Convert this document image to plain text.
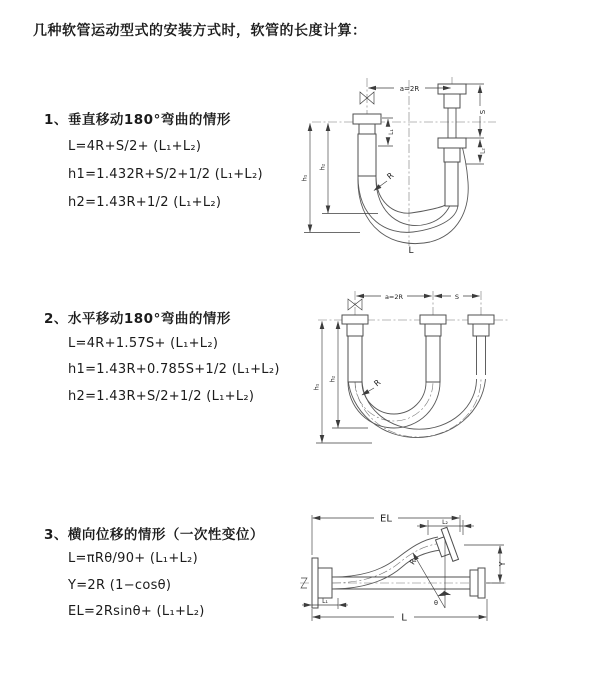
几种软管运动型式的安装方式时，软管的长度计算：
1、垂直移动180°弯曲的情形
L=4R+S/2+ (L₁+L₂)
h1=1.432R+S/2+1/2 (L₁+L₂)
h2=1.43R+1/2 (L₁+L₂)
a=2R
S
L₂
L₁
h₁
h₂
R
L
2、水平移动180°弯曲的情形
L=4R+1.57S+ (L₁+L₂)
h1=1.43R+0.785S+1/2 (L₁+L₂)
h2=1.43R+S/2+1/2 (L₁+L₂)
a=2R	S
h₁
h₂	R
3、横向位移的情形（一次性变位）
L=πRθ/90+ (L₁+L₂)
Y=2R (1−cosθ)
EL=2Rsinθ+ (L₁+L₂)
EL	L₂
Y
θ
R
L
L₁
